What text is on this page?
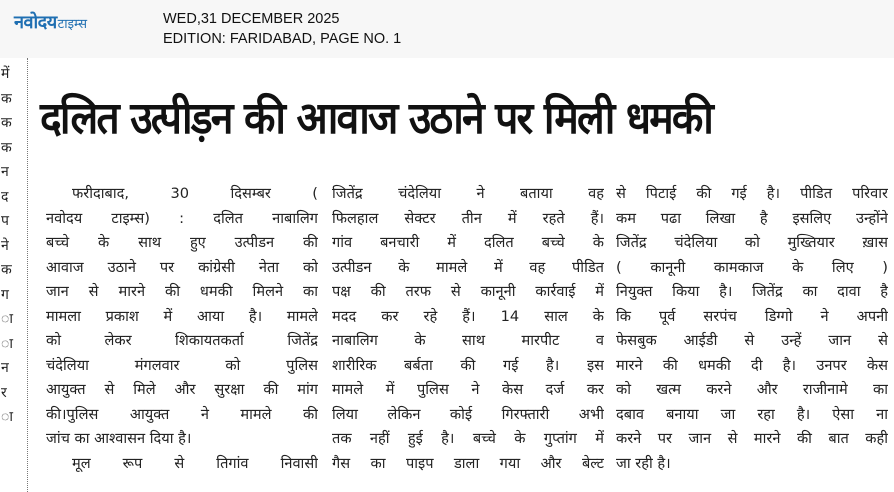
नवोदय टाइम्स	WED,31 DECEMBER 2025
EDITION: FARIDABAD, PAGE NO. 1
में
क
क
क
न
द
प
ने
क
ग
ा
ा
न
र
ा
दलित उत्पीड़न की आवाज उठाने पर मिली धमकी
फरीदाबाद, 30 दिसम्बर (
नवोदय टाइम्स) : दलित नाबालिग
बच्चे के साथ हुए उत्पीडन की
आवाज उठाने पर कांग्रेसी नेता को
जान से मारने की धमकी मिलने का
मामला प्रकाश में आया है। मामले
को लेकर शिकायतकर्ता जितेंद्र
चंदेलिया मंगलवार को पुलिस
आयुक्त से मिले और सुरक्षा की मांग
की।पुलिस आयुक्त ने मामले की
जांच का आश्वासन दिया है।
मूल रूप से तिगांव निवासी
जितेंद्र चंदेलिया ने बताया वह
फिलहाल सेक्टर तीन में रहते हैं।
गांव बनचारी में दलित बच्चे के
उत्पीडन के मामले में वह पीडित
पक्ष की तरफ से कानूनी कार्रवाई में
मदद कर रहे हैं। 14 साल के
नाबालिग के साथ मारपीट व
शारीरिक बर्बता की गई है। इस
मामले में पुलिस ने केस दर्ज कर
लिया लेकिन कोई गिरफ्तारी अभी
तक नहीं हुई है। बच्चे के गुप्तांग में
गैस का पाइप डाला गया और बेल्ट
से पिटाई की गई है। पीडित परिवार
कम पढा लिखा है इसलिए उन्होंने
जितेंद्र चंदेलिया को मुख्तियार ख़ास
( कानूनी कामकाज के लिए )
नियुक्त किया है। जितेंद्र का दावा है
कि पूर्व सरपंच डिग्गो ने अपनी
फेसबुक आईडी से उन्हें जान से
मारने की धमकी दी है। उनपर केस
को खत्म करने और राजीनामे का
दबाव बनाया जा रहा है। ऐसा ना
करने पर जान से मारने की बात कही
जा रही है।
